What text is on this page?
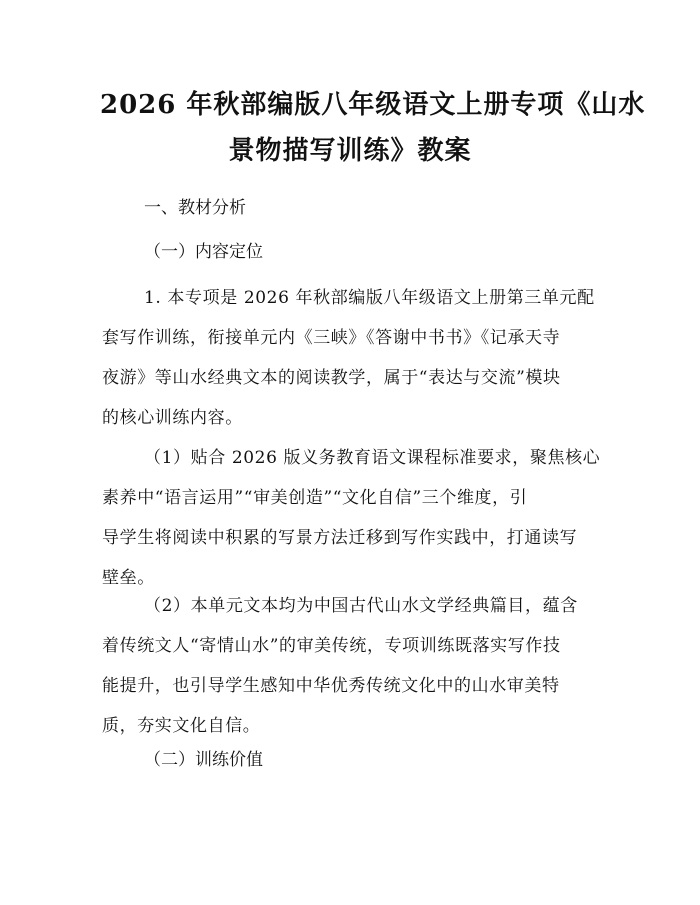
2026 年秋部编版八年级语文上册专项《山水
景物描写训练》教案
一、教材分析
（一）内容定位
1. 本专项是 2026 年秋部编版八年级语文上册第三单元配
套写作训练，衔接单元内《三峡》《答谢中书书》《记承天寺
夜游》等山水经典文本的阅读教学，属于“表达与交流”模块
的核心训练内容。
（1）贴合 2026 版义务教育语文课程标准要求，聚焦核心
素养中“语言运用”“审美创造”“文化自信”三个维度，引
导学生将阅读中积累的写景方法迁移到写作实践中，打通读写
壁垒。
（2）本单元文本均为中国古代山水文学经典篇目，蕴含
着传统文人“寄情山水”的审美传统，专项训练既落实写作技
能提升，也引导学生感知中华优秀传统文化中的山水审美特
质，夯实文化自信。
（二）训练价值
